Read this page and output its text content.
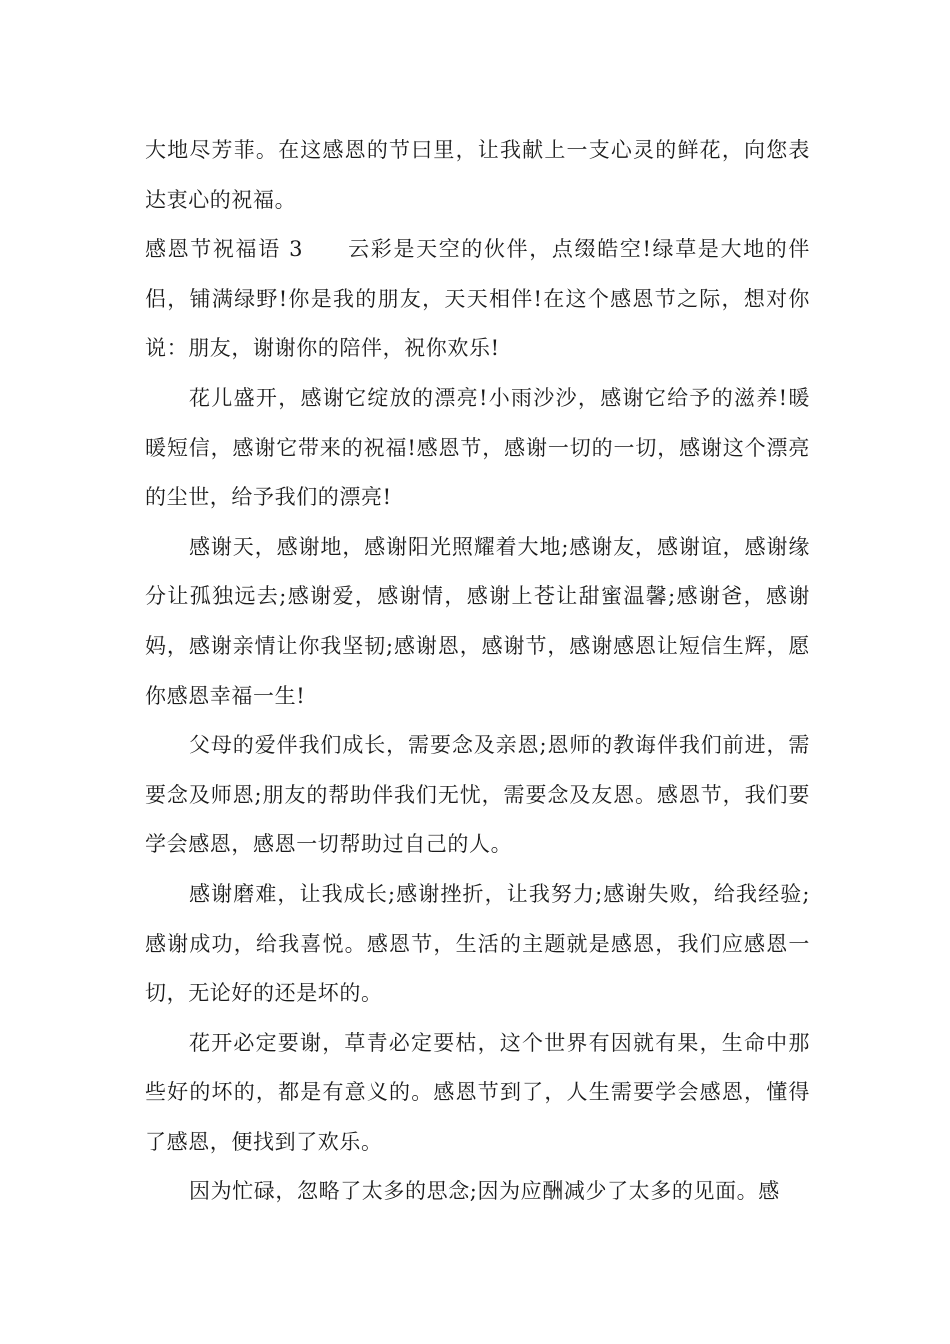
大地尽芳菲。在这感恩的节曰里，让我献上一支心灵的鲜花，向您表达衷心的祝福。

感恩节祝福语 3 云彩是天空的伙伴，点缀皓空!绿草是大地的伴侣，铺满绿野!你是我的朋友，天天相伴!在这个感恩节之际，想对你说：朋友，谢谢你的陪伴，祝你欢乐!

花儿盛开，感谢它绽放的漂亮!小雨沙沙，感谢它给予的滋养!暖暖短信，感谢它带来的祝福!感恩节，感谢一切的一切，感谢这个漂亮的尘世，给予我们的漂亮!

感谢天，感谢地，感谢阳光照耀着大地;感谢友，感谢谊，感谢缘分让孤独远去;感谢爱，感谢情，感谢上苍让甜蜜温馨;感谢爸，感谢妈，感谢亲情让你我坚韧;感谢恩，感谢节，感谢感恩让短信生辉，愿你感恩幸福一生!

父母的爱伴我们成长，需要念及亲恩;恩师的教诲伴我们前进，需要念及师恩;朋友的帮助伴我们无忧，需要念及友恩。感恩节，我们要学会感恩，感恩一切帮助过自己的人。

感谢磨难，让我成长;感谢挫折，让我努力;感谢失败，给我经验;感谢成功，给我喜悦。感恩节，生活的主题就是感恩，我们应感恩一切，无论好的还是坏的。

花开必定要谢，草青必定要枯，这个世界有因就有果，生命中那些好的坏的，都是有意义的。感恩节到了，人生需要学会感恩，懂得了感恩，便找到了欢乐。

因为忙碌，忽略了太多的思念;因为应酬减少了太多的见面。感
